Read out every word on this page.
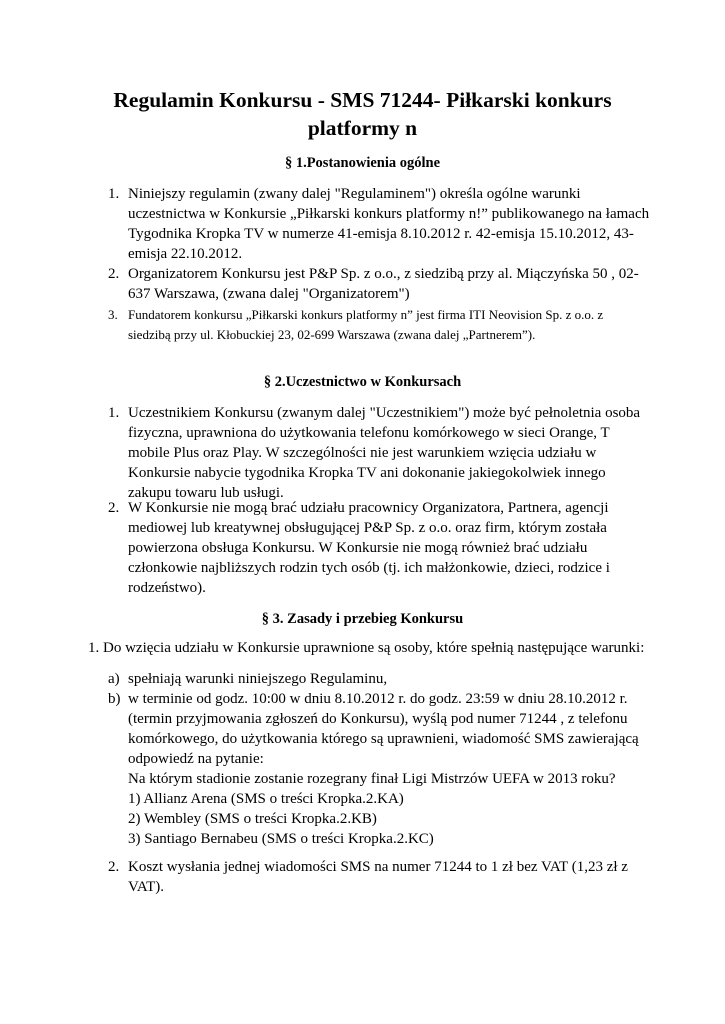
Regulamin Konkursu - SMS 71244- Piłkarski konkurs
platformy n
§ 1.Postanowienia ogólne
1. Niniejszy regulamin (zwany dalej "Regulaminem") określa ogólne warunki
uczestnictwa w Konkursie „Piłkarski konkurs platformy n!” publikowanego na łamach
Tygodnika Kropka TV w numerze 41-emisja 8.10.2012 r. 42-emisja 15.10.2012, 43-
emisja 22.10.2012.
2. Organizatorem Konkursu jest P&P Sp. z o.o., z siedzibą przy al. Miączyńska 50 , 02-
637 Warszawa, (zwana dalej "Organizatorem")
3. Fundatorem konkursu „Piłkarski konkurs platformy n” jest firma ITI Neovision Sp. z o.o. z
siedzibą przy ul. Kłobuckiej 23, 02-699 Warszawa (zwana dalej „Partnerem”).
§ 2.Uczestnictwo w Konkursach
1. Uczestnikiem Konkursu (zwanym dalej "Uczestnikiem") może być pełnoletnia osoba
fizyczna, uprawniona do użytkowania telefonu komórkowego w sieci Orange, T
mobile Plus oraz Play. W szczególności nie jest warunkiem wzięcia udziału w
Konkursie nabycie tygodnika Kropka TV ani dokonanie jakiegokolwiek innego
zakupu towaru lub usługi.
2. W Konkursie nie mogą brać udziału pracownicy Organizatora, Partnera, agencji
mediowej lub kreatywnej obsługującej P&P Sp. z o.o. oraz firm, którym została
powierzona obsługa Konkursu. W Konkursie nie mogą również brać udziału
członkowie najbliższych rodzin tych osób (tj. ich małżonkowie, dzieci, rodzice i
rodzeństwo).
§ 3. Zasady i przebieg Konkursu
1. Do wzięcia udziału w Konkursie uprawnione są osoby, które spełnią następujące warunki:
a) spełniają warunki niniejszego Regulaminu,
b) w terminie od godz. 10:00 w dniu 8.10.2012 r. do godz. 23:59 w dniu 28.10.2012 r.
(termin przyjmowania zgłoszeń do Konkursu), wyślą pod numer 71244 , z telefonu
komórkowego, do użytkowania którego są uprawnieni, wiadomość SMS zawierającą
odpowiedź na pytanie:
Na którym stadionie zostanie rozegrany finał Ligi Mistrzów UEFA w 2013 roku?
1) Allianz Arena (SMS o treści Kropka.2.KA)
2) Wembley (SMS o treści Kropka.2.KB)
3) Santiago Bernabeu (SMS o treści Kropka.2.KC)
2. Koszt wysłania jednej wiadomości SMS na numer 71244 to 1 zł bez VAT (1,23 zł z
VAT).
